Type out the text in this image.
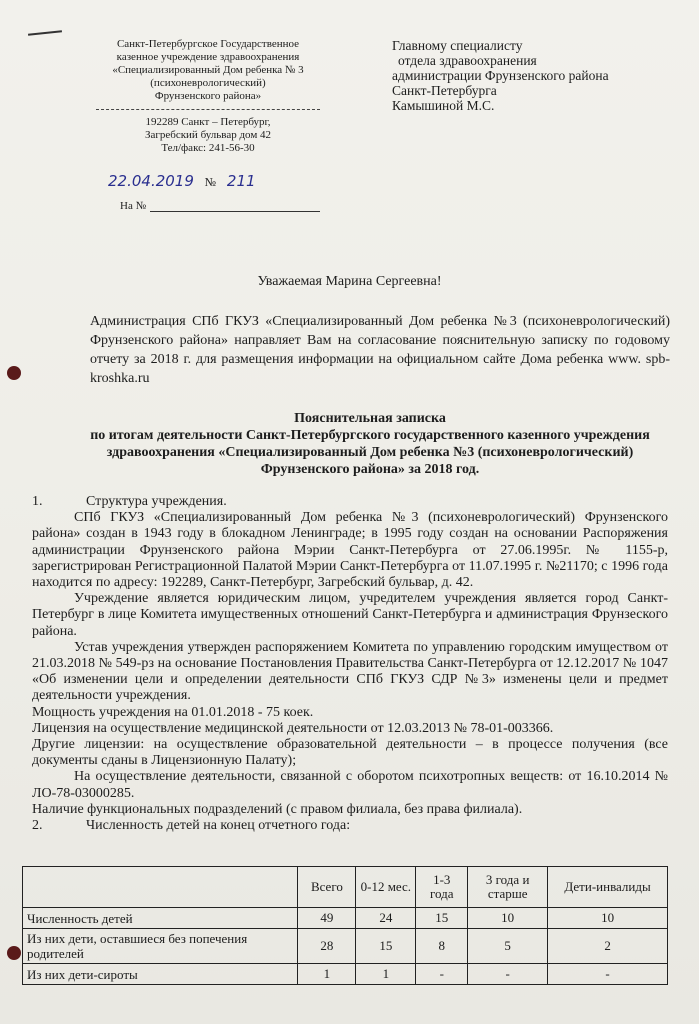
Санкт-Петербургское Государственное
казенное учреждение здравоохранения
«Специализированный Дом ребенка № 3
(психоневрологический)
Фрунзенского района»
192289 Санкт – Петербург,
Загребский бульвар дом 42
Тел/факс: 241-56-30
Главному специалисту
отдела здравоохранения
администрации Фрунзенского района
Санкт-Петербурга
Камышиной М.С.
22.04.2019 № 211
На №
Уважаемая Марина Сергеевна!
Администрация СПб ГКУЗ «Специализированный Дом ребенка №3 (психоневрологический) Фрунзенского района» направляет Вам на согласование пояснительную записку по годовому отчету за 2018 г. для размещения информации на официальном сайте Дома ребенка www. spb-kroshka.ru
Пояснительная записка
по итогам деятельности Санкт-Петербургского государственного казенного учреждения
здравоохранения «Специализированный Дом ребенка №3 (психоневрологический)
Фрунзенского района» за 2018 год.

1.	Структура учреждения.

СПб ГКУЗ «Специализированный Дом ребенка №3 (психоневрологический) Фрунзенского района» создан в 1943 году в блокадном Ленинграде; в 1995 году создан на основании Распоряжения администрации Фрунзенского района Мэрии Санкт-Петербурга от 27.06.1995г. № 1155-р, зарегистрирован Регистрационной Палатой Мэрии Санкт-Петербурга от 11.07.1995 г. №21170; с 1996 года находится по адресу: 192289, Санкт-Петербург, Загребский бульвар, д. 42.

Учреждение является юридическим лицом, учредителем учреждения является город Санкт-Петербург в лице Комитета имущественных отношений Санкт-Петербурга и администрация Фрунзеского района.

Устав учреждения утвержден распоряжением Комитета по управлению городским имуществом от 21.03.2018 № 549-рз на основание Постановления Правительства Санкт-Петербурга от 12.12.2017 № 1047 «Об изменении цели и определении деятельности СПб ГКУЗ СДР №3» изменены цели и предмет деятельности учреждения.

Мощность учреждения на 01.01.2018 - 75 коек.

Лицензия на осуществление медицинской деятельности от 12.03.2013 № 78-01-003366.

Другие лицензии: на осуществление образовательной деятельности – в процессе получения (все документы сданы в Лицензионную Палату);

На осуществление деятельности, связанной с оборотом психотропных веществ: от 16.10.2014 № ЛО-78-03000285.

Наличие функциональных подразделений (с правом филиала, без права филиала).

2.	Численность детей на конец отчетного года:

	Всего	0-12 мес.	1-3 года	3 года и старше	Дети-инвалиды
Численность детей	49	24	15	10	10
Из них дети, оставшиеся без попечения родителей	28	15	8	5	2
Из них дети-сироты	1	1	-	-	-
